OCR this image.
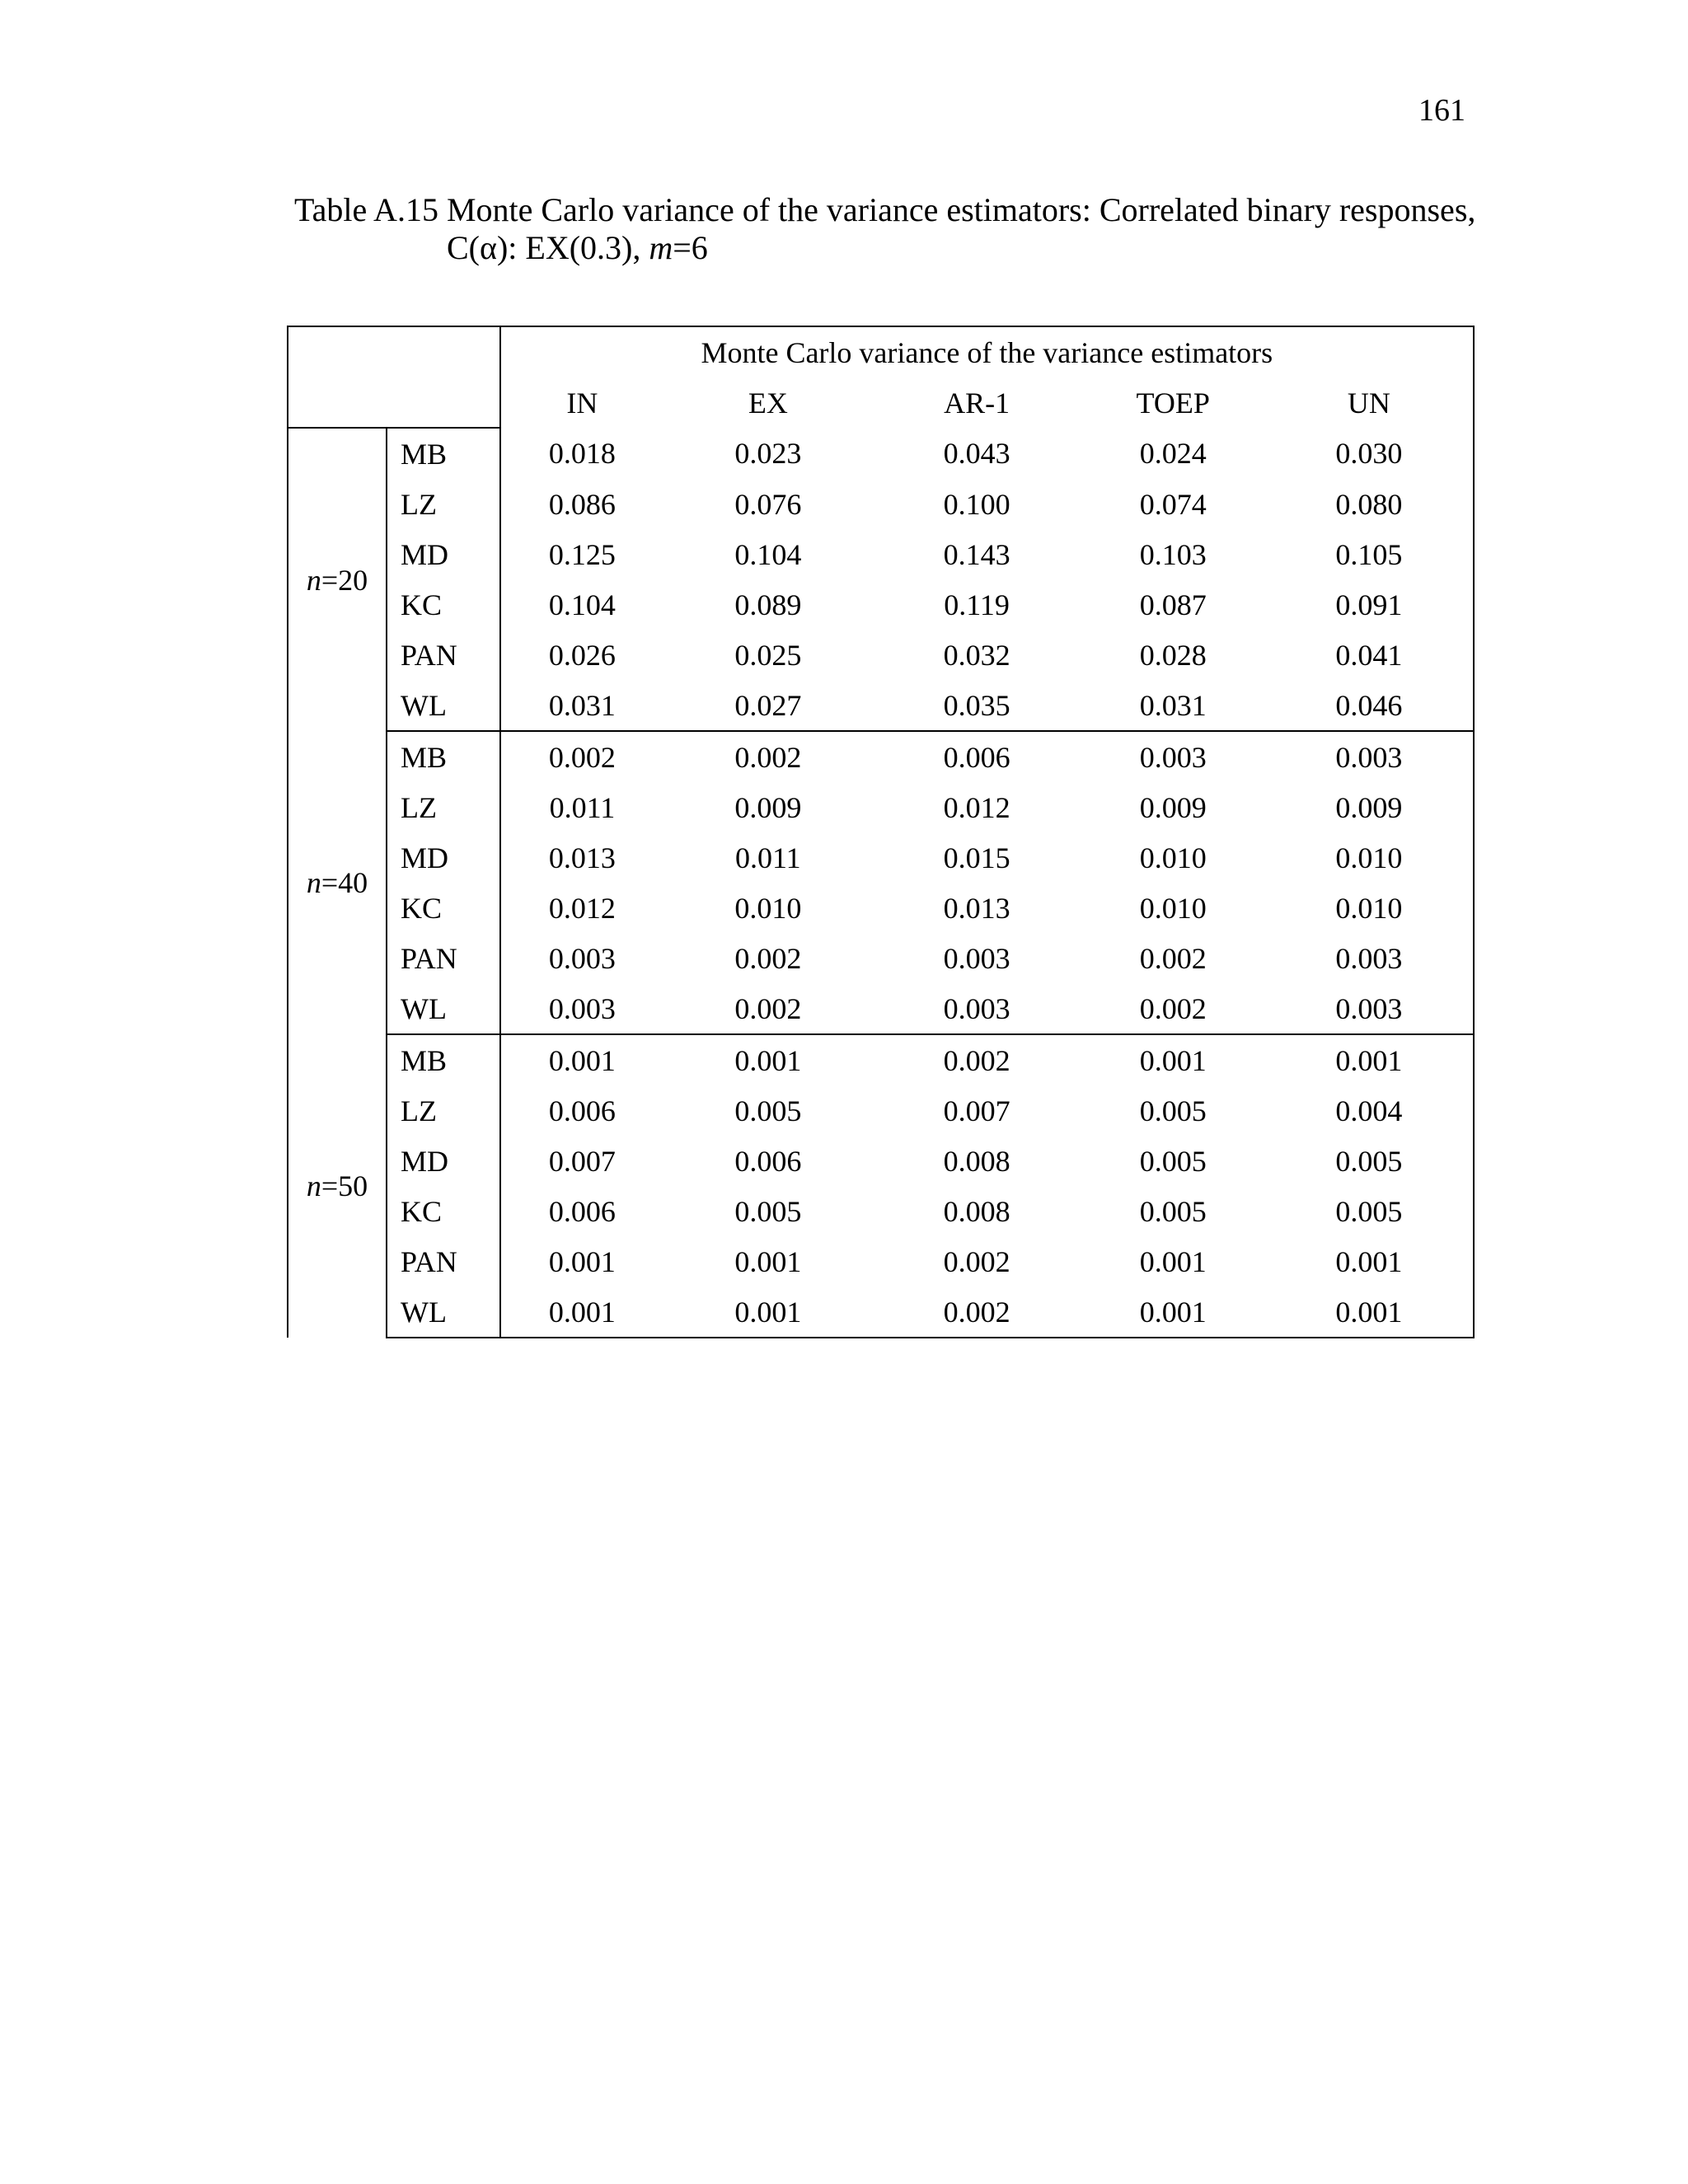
161
Table A.15 Monte Carlo variance of the variance estimators: Correlated binary responses,
C(α): EX(0.3), m=6
		Monte Carlo variance of the variance estimators				
		IN	EX	AR-1	TOEP	UN
n=20	MB	0.018	0.023	0.043	0.024	0.030
	LZ	0.086	0.076	0.100	0.074	0.080
	MD	0.125	0.104	0.143	0.103	0.105
	KC	0.104	0.089	0.119	0.087	0.091
	PAN	0.026	0.025	0.032	0.028	0.041
	WL	0.031	0.027	0.035	0.031	0.046
n=40	MB	0.002	0.002	0.006	0.003	0.003
	LZ	0.011	0.009	0.012	0.009	0.009
	MD	0.013	0.011	0.015	0.010	0.010
	KC	0.012	0.010	0.013	0.010	0.010
	PAN	0.003	0.002	0.003	0.002	0.003
	WL	0.003	0.002	0.003	0.002	0.003
n=50	MB	0.001	0.001	0.002	0.001	0.001
	LZ	0.006	0.005	0.007	0.005	0.004
	MD	0.007	0.006	0.008	0.005	0.005
	KC	0.006	0.005	0.008	0.005	0.005
	PAN	0.001	0.001	0.002	0.001	0.001
	WL	0.001	0.001	0.002	0.001	0.001
